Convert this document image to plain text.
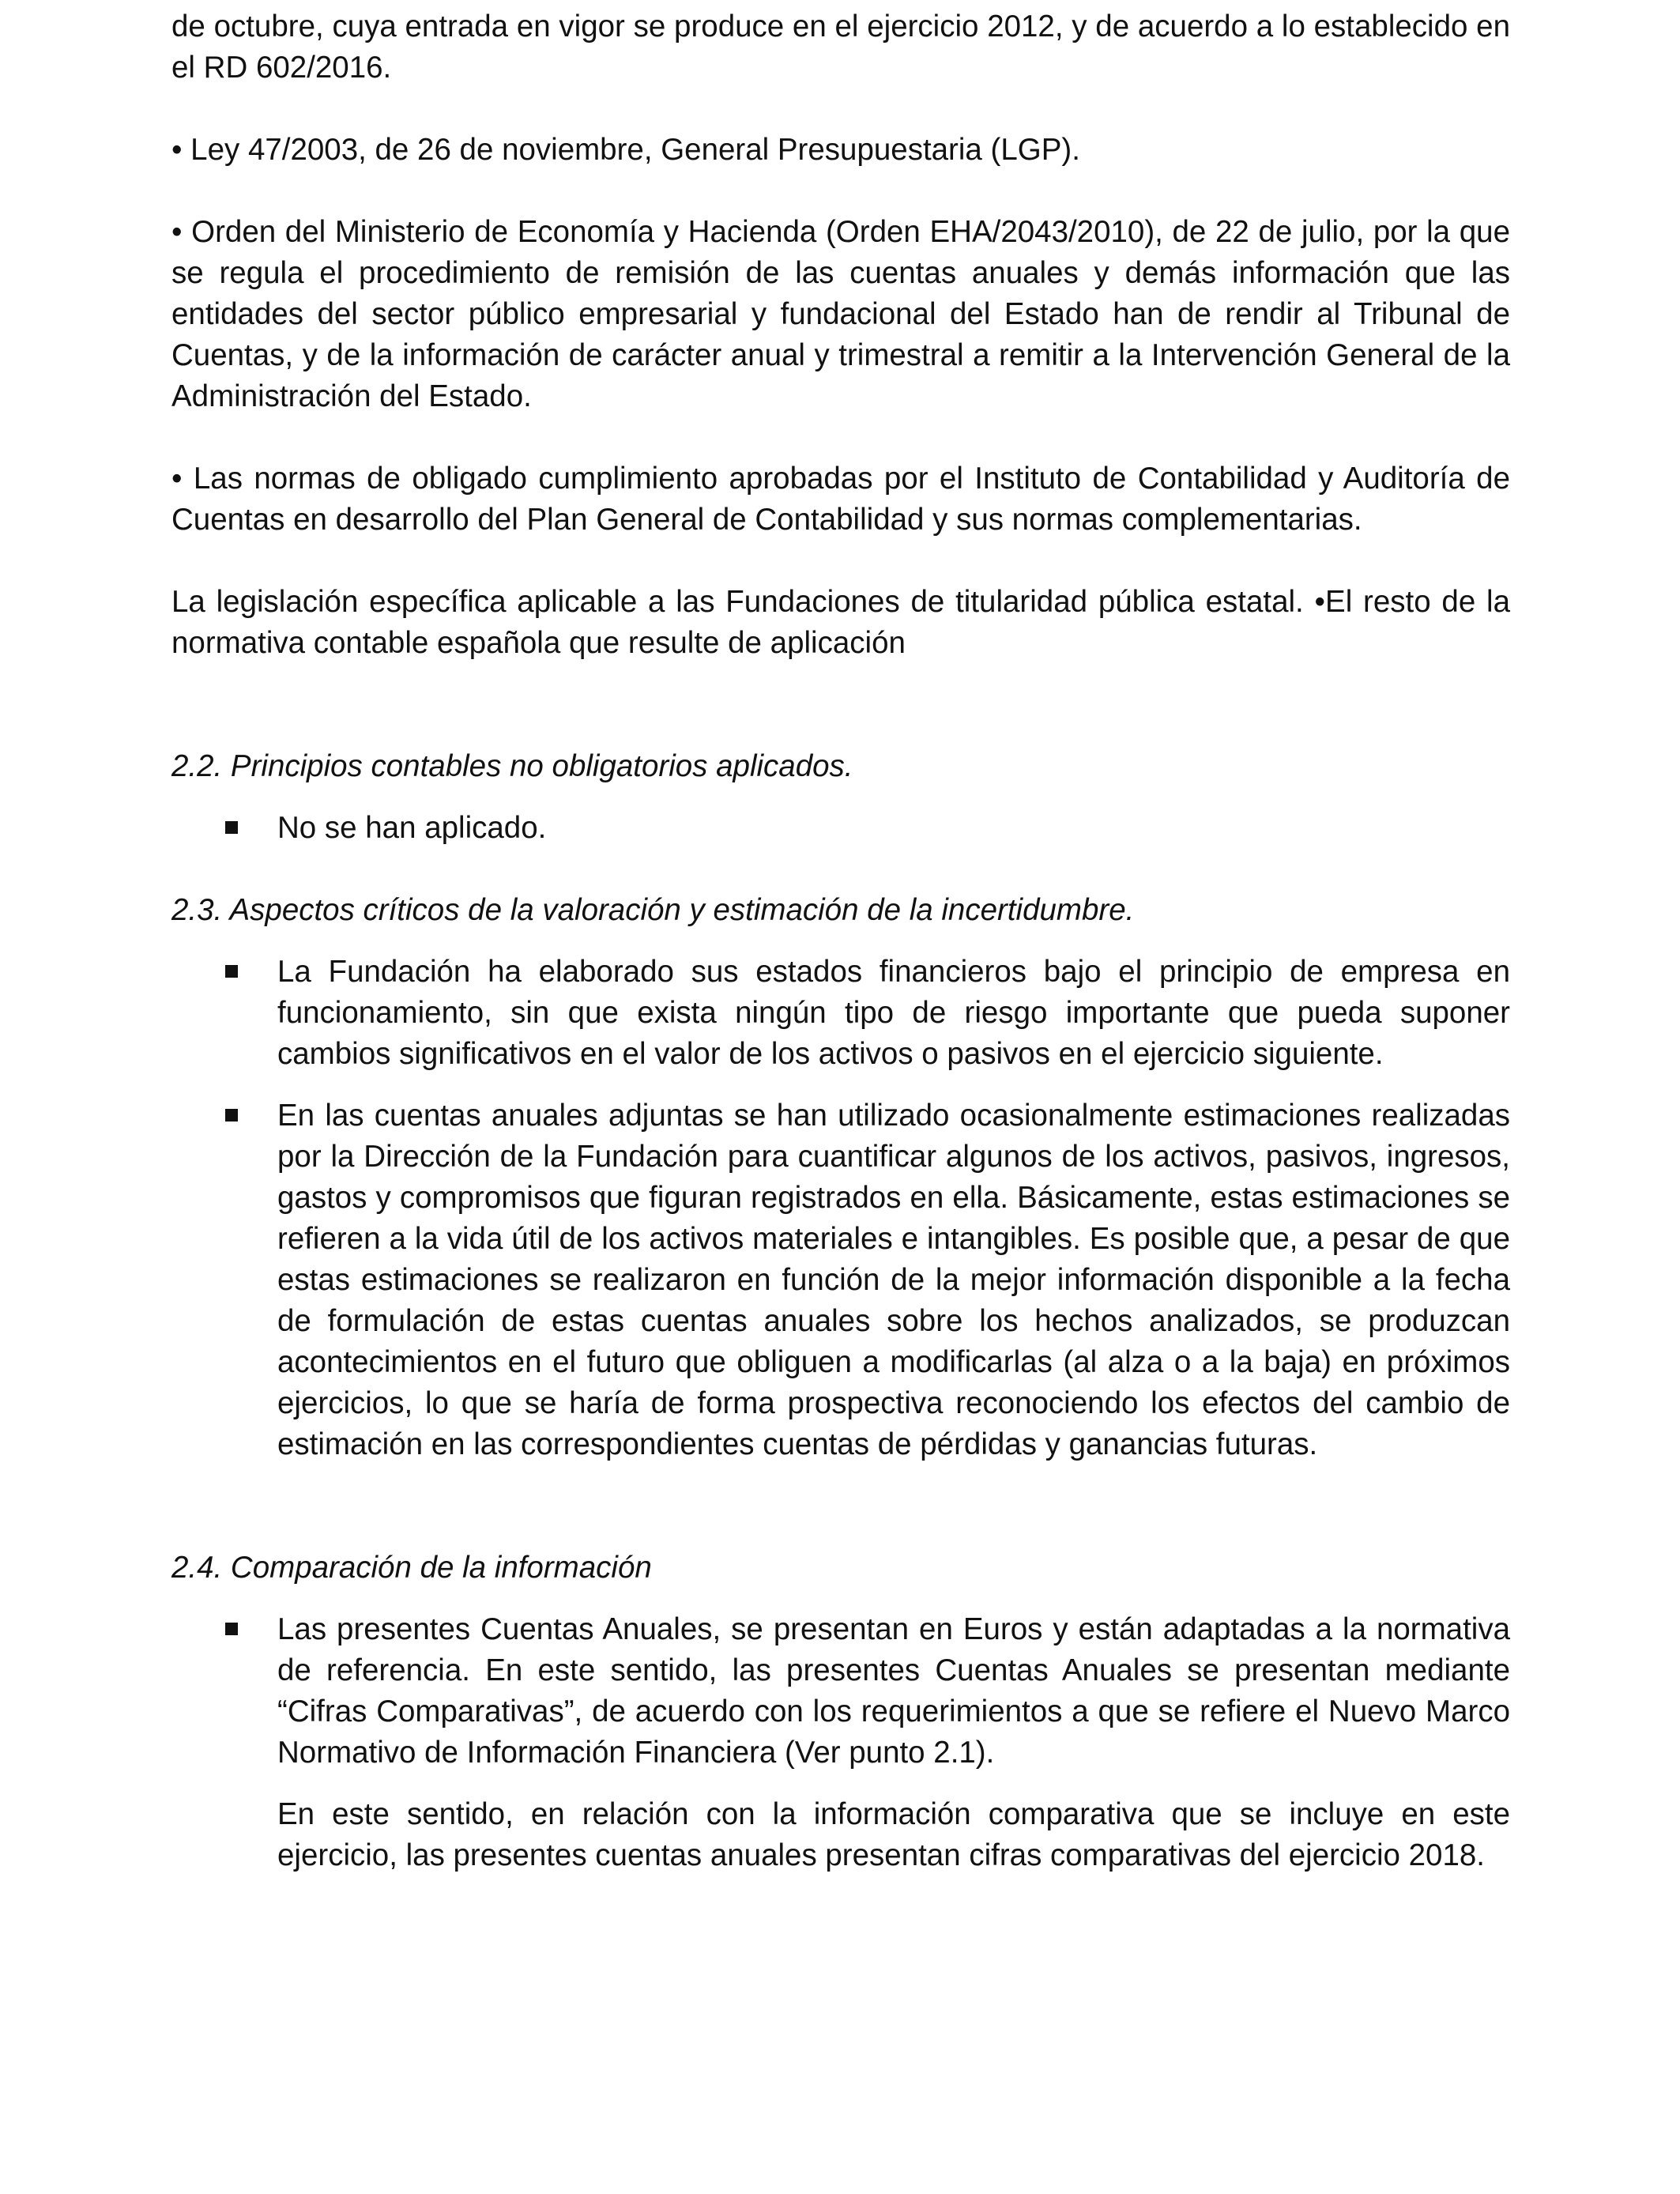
de octubre, cuya entrada en vigor se produce en el ejercicio 2012, y de acuerdo a lo establecido en el RD 602/2016.

• Ley 47/2003, de 26 de noviembre, General Presupuestaria (LGP).

• Orden del Ministerio de Economía y Hacienda (Orden EHA/2043/2010), de 22 de julio, por la que se regula el procedimiento de remisión de las cuentas anuales y demás información que las entidades del sector público empresarial y fundacional del Estado han de rendir al Tribunal de Cuentas, y de la información de carácter anual y trimestral a remitir a la Intervención General de la Administración del Estado.

• Las normas de obligado cumplimiento aprobadas por el Instituto de Contabilidad y Auditoría de Cuentas en desarrollo del Plan General de Contabilidad y sus normas complementarias.

La legislación específica aplicable a las Fundaciones de titularidad pública estatal. •El resto de la normativa contable española que resulte de aplicación

2.2. Principios contables no obligatorios aplicados.

No se han aplicado.

2.3. Aspectos críticos de la valoración y estimación de la incertidumbre.

La Fundación ha elaborado sus estados financieros bajo el principio de empresa en funcionamiento, sin que exista ningún tipo de riesgo importante que pueda suponer cambios significativos en el valor de los activos o pasivos en el ejercicio siguiente.
En las cuentas anuales adjuntas se han utilizado ocasionalmente estimaciones realizadas por la Dirección de la Fundación para cuantificar algunos de los activos, pasivos, ingresos, gastos y compromisos que figuran registrados en ella. Básicamente, estas estimaciones se refieren a la vida útil de los activos materiales e intangibles. Es posible que, a pesar de que estas estimaciones se realizaron en función de la mejor información disponible a la fecha de formulación de estas cuentas anuales sobre los hechos analizados, se produzcan acontecimientos en el futuro que obliguen a modificarlas (al alza o a la baja) en próximos ejercicios, lo que se haría de forma prospectiva reconociendo los efectos del cambio de estimación en las correspondientes cuentas de pérdidas y ganancias futuras.

2.4. Comparación de la información

Las presentes Cuentas Anuales, se presentan en Euros y están adaptadas a la normativa de referencia. En este sentido, las presentes Cuentas Anuales se presentan mediante “Cifras Comparativas”, de acuerdo con los requerimientos a que se refiere el Nuevo Marco Normativo de Información Financiera (Ver punto 2.1).

En este sentido, en relación con la información comparativa que se incluye en este ejercicio, las presentes cuentas anuales presentan cifras comparativas del ejercicio 2018.
